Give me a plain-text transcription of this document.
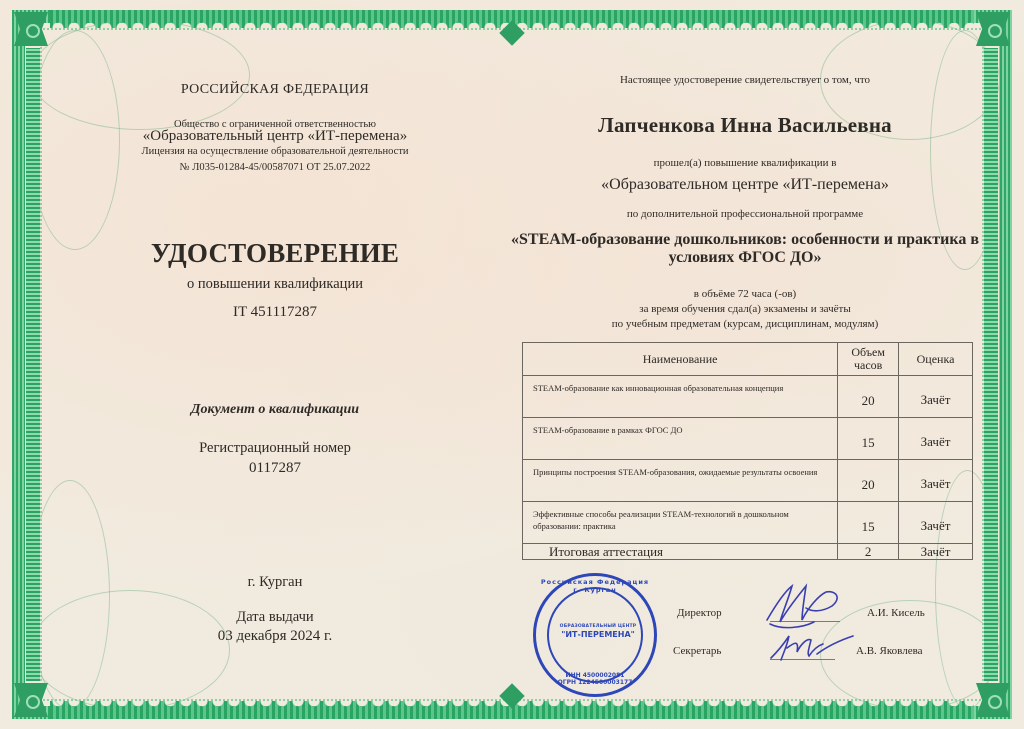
РОССИЙСКАЯ ФЕДЕРАЦИЯ
Общество с ограниченной ответственностью
«Образовательный центр «ИТ-перемена»
Лицензия на осуществление образовательной деятельности
№ Л035-01284-45/00587071 ОТ 25.07.2022
УДОСТОВЕРЕНИЕ
о повышении квалификации
IT 451117287
Документ о квалификации
Регистрационный номер
0117287
г. Курган
Дата выдачи
03 декабря 2024 г.
Настоящее удостоверение свидетельствует о том, что
Лапченкова Инна Васильевна
прошел(а) повышение квалификации в
«Образовательном центре «ИТ-перемена»
по дополнительной профессиональной программе
«STEAM-образование дошкольников: особенности и практика в условиях ФГОС ДО»
в объёме 72 часа (-ов)
за время обучения сдал(а) экзамены и зачёты
по учебным предметам (курсам, дисциплинам, модулям)
Наименование	Объем часов	Оценка
STEAM-образование как инновационная образовательная концепция	20	Зачёт
STEAM-образование в рамках ФГОС ДО	15	Зачёт
Принципы построения STEAM-образования, ожидаемые результаты освоения	20	Зачёт
Эффективные способы реализации STEAM-технологий в дошкольном образовании: практика	15	Зачёт
Итоговая аттестация	2	Зачёт
Российская Федерация г. Курган
ОБРАЗОВАТЕЛЬНЫЙ ЦЕНТР
"ИТ-ПЕРЕМЕНА"
ИНН 4500002081
ОГРН 1224500003177
Директор	А.И. Кисель
Секретарь	А.В. Яковлева
